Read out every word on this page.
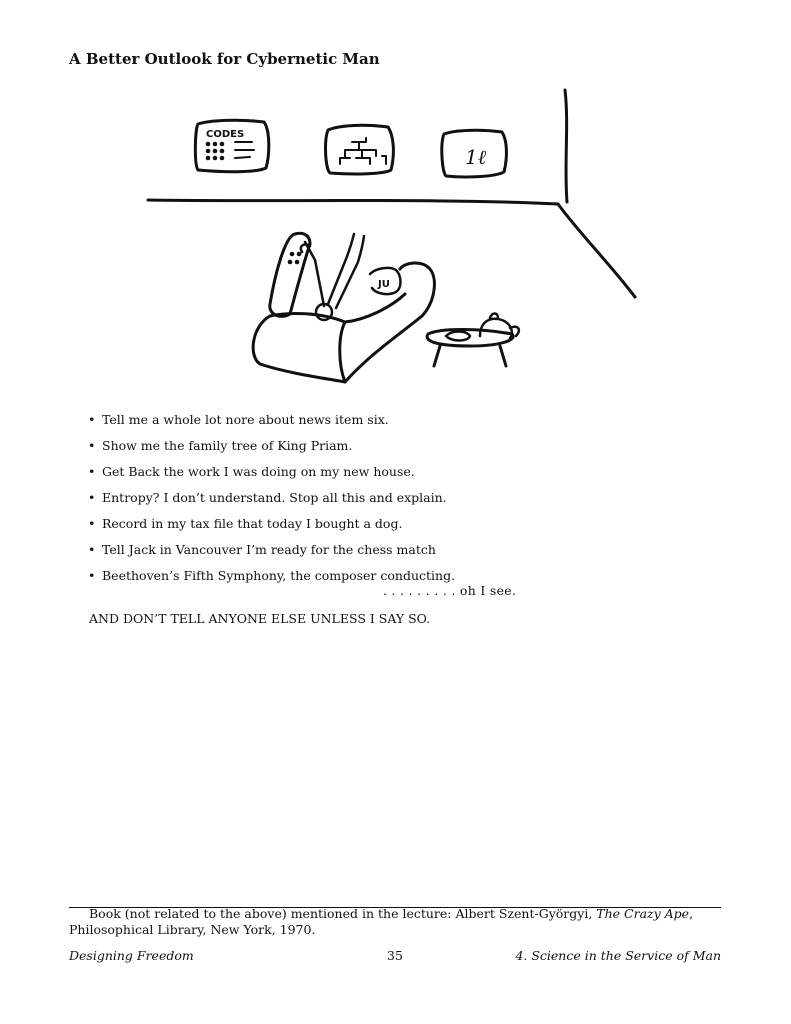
A Better Outlook for Cybernetic Man
CODES
1ℓ
JU
• Tell me a whole lot nore about news item six.
• Show me the family tree of King Priam.
• Get Back the work I was doing on my new house.
• Entropy? I don’t understand. Stop all this and explain.
• Record in my tax file that today I bought a dog.
• Tell Jack in Vancouver I’m ready for the chess match
• Beethoven’s Fifth Symphony, the composer conducting.
. . . . . . . . . oh I see.
AND DON’T TELL ANYONE ELSE UNLESS I SAY SO.

Book (not related to the above) mentioned in the lecture: Albert Szent-Györgyi, The Crazy Ape, Philosophical Library, New York, 1970.

Designing Freedom	35	4. Science in the Service of Man
